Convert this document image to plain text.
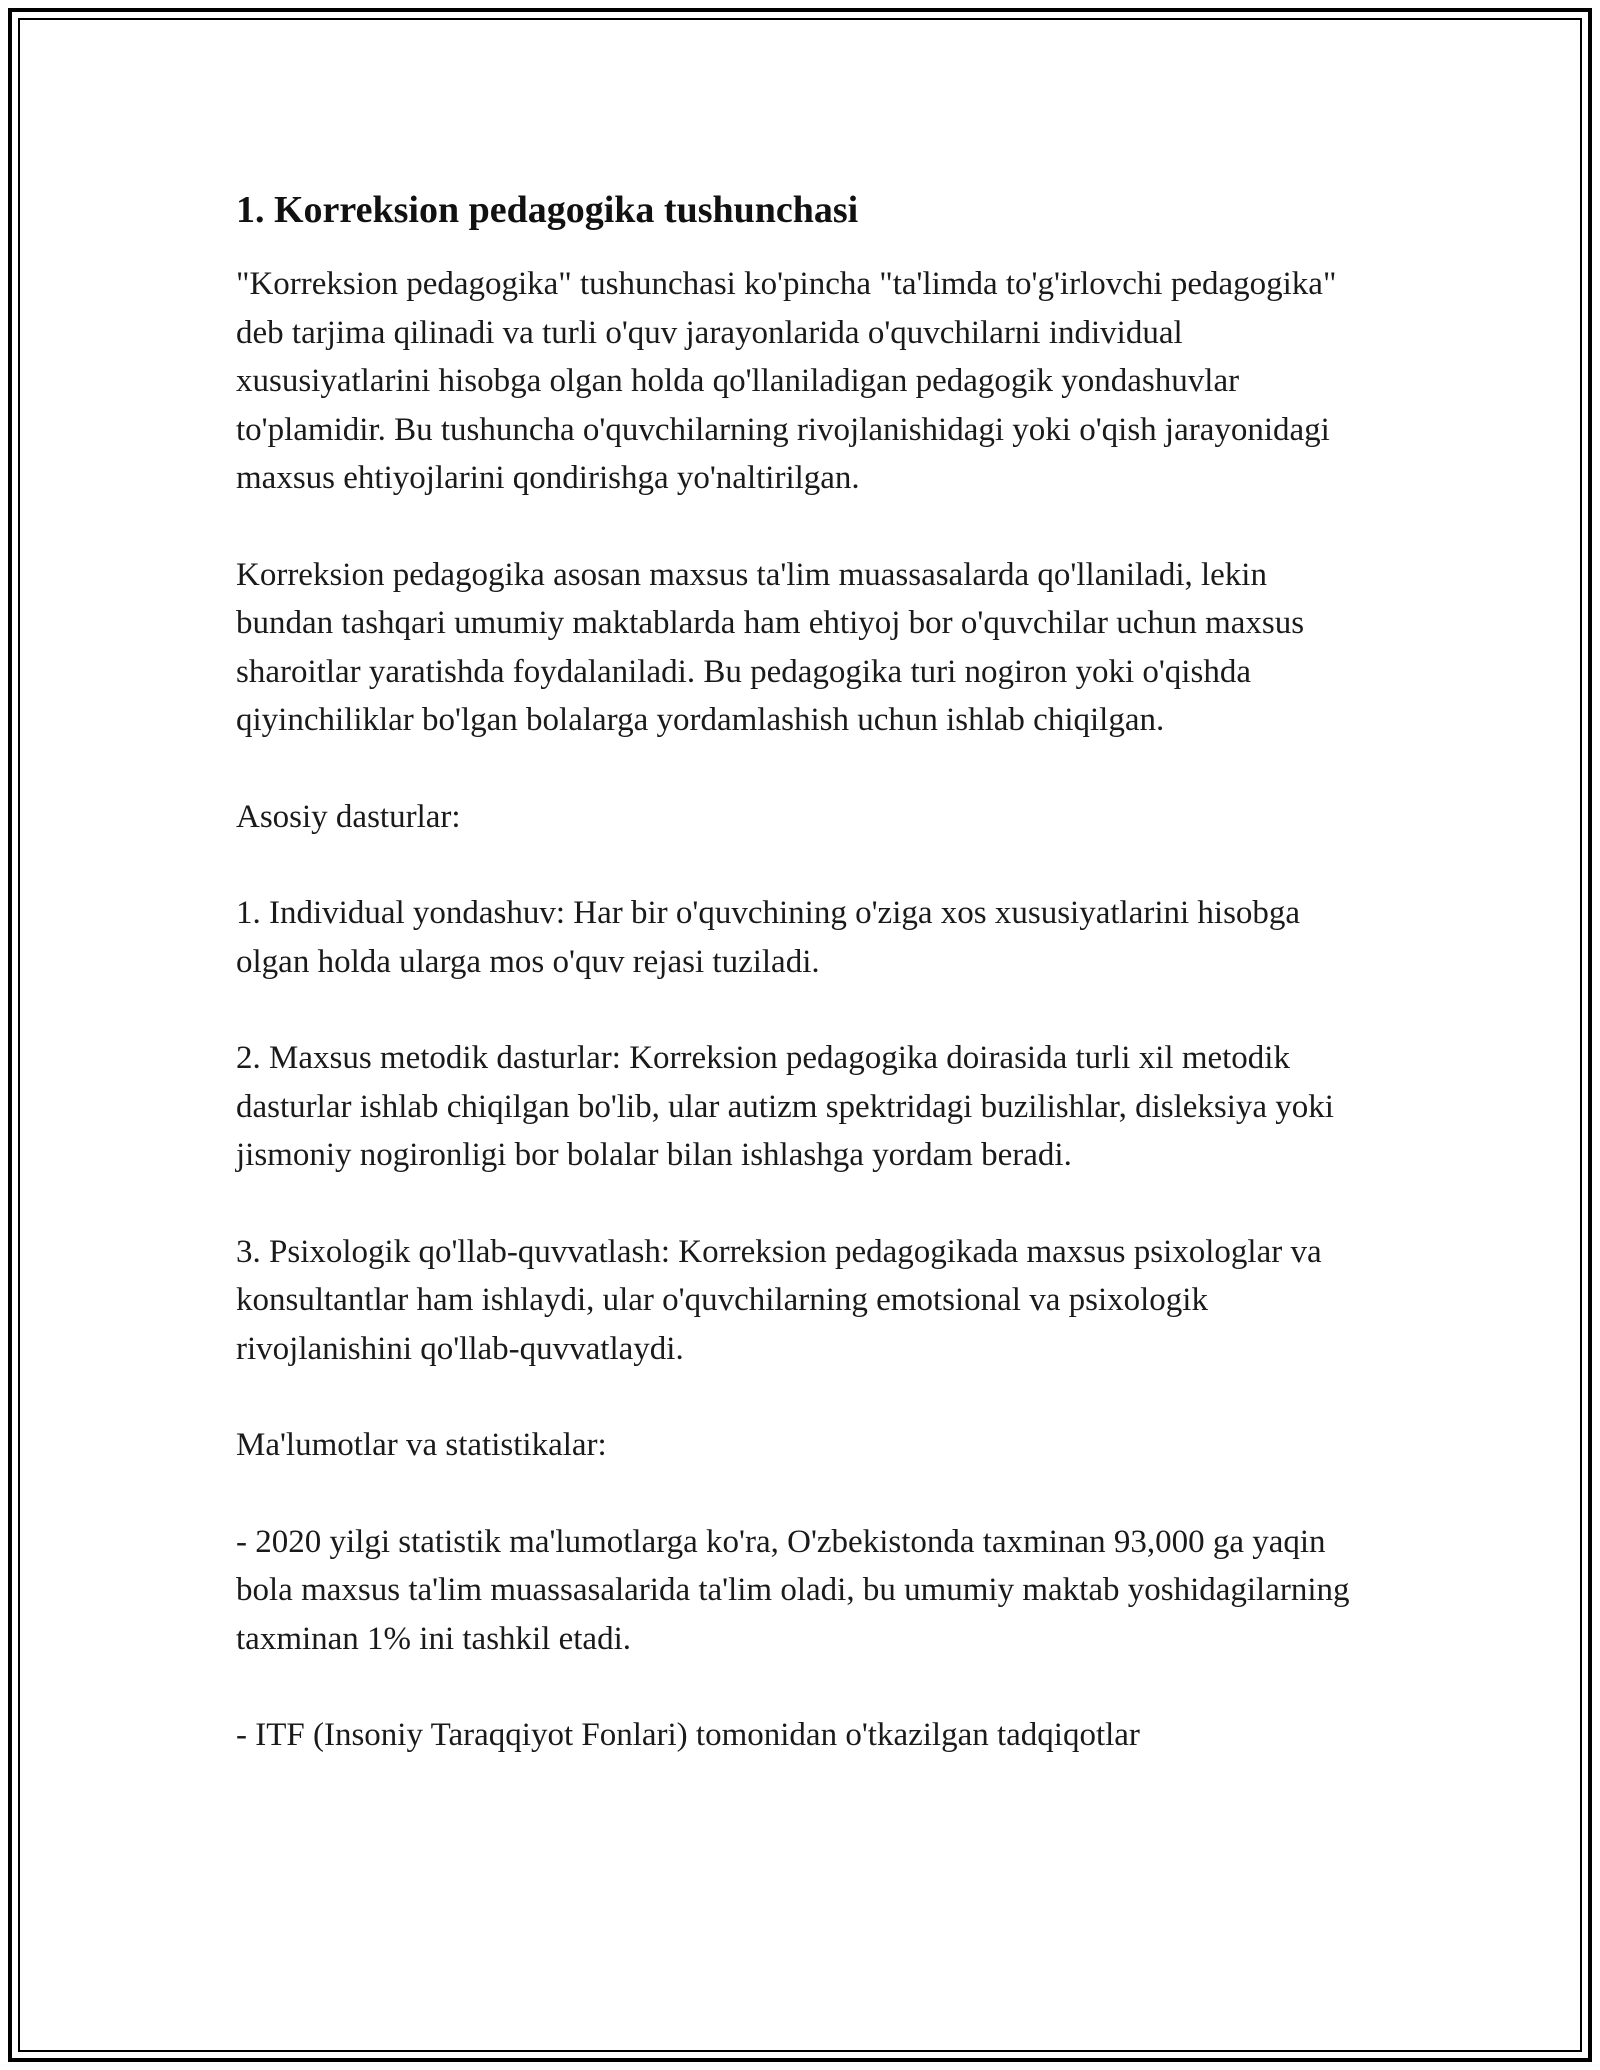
1. Korreksion pedagogika tushunchasi

"Korreksion pedagogika" tushunchasi ko'pincha "ta'limda to'g'irlovchi pedagogika" deb tarjima qilinadi va turli o'quv jarayonlarida o'quvchilarni individual xususiyatlarini hisobga olgan holda qo'llaniladigan pedagogik yondashuvlar to'plamidir. Bu tushuncha o'quvchilarning rivojlanishidagi yoki o'qish jarayonidagi maxsus ehtiyojlarini qondirishga yo'naltirilgan.

Korreksion pedagogika asosan maxsus ta'lim muassasalarda qo'llaniladi, lekin bundan tashqari umumiy maktablarda ham ehtiyoj bor o'quvchilar uchun maxsus sharoitlar yaratishda foydalaniladi. Bu pedagogika turi nogiron yoki o'qishda qiyinchiliklar bo'lgan bolalarga yordamlashish uchun ishlab chiqilgan.

Asosiy dasturlar:

1. Individual yondashuv: Har bir o'quvchining o'ziga xos xususiyatlarini hisobga olgan holda ularga mos o'quv rejasi tuziladi.

2. Maxsus metodik dasturlar: Korreksion pedagogika doirasida turli xil metodik dasturlar ishlab chiqilgan bo'lib, ular autizm spektridagi buzilishlar, disleksiya yoki jismoniy nogironligi bor bolalar bilan ishlashga yordam beradi.

3. Psixologik qo'llab-quvvatlash: Korreksion pedagogikada maxsus psixologlar va konsultantlar ham ishlaydi, ular o'quvchilarning emotsional va psixologik rivojlanishini qo'llab-quvvatlaydi.

Ma'lumotlar va statistikalar:

- 2020 yilgi statistik ma'lumotlarga ko'ra, O'zbekistonda taxminan 93,000 ga yaqin bola maxsus ta'lim muassasalarida ta'lim oladi, bu umumiy maktab yoshidagilarning taxminan 1% ini tashkil etadi.

- ITF (Insoniy Taraqqiyot Fonlari) tomonidan o'tkazilgan tadqiqotlar
